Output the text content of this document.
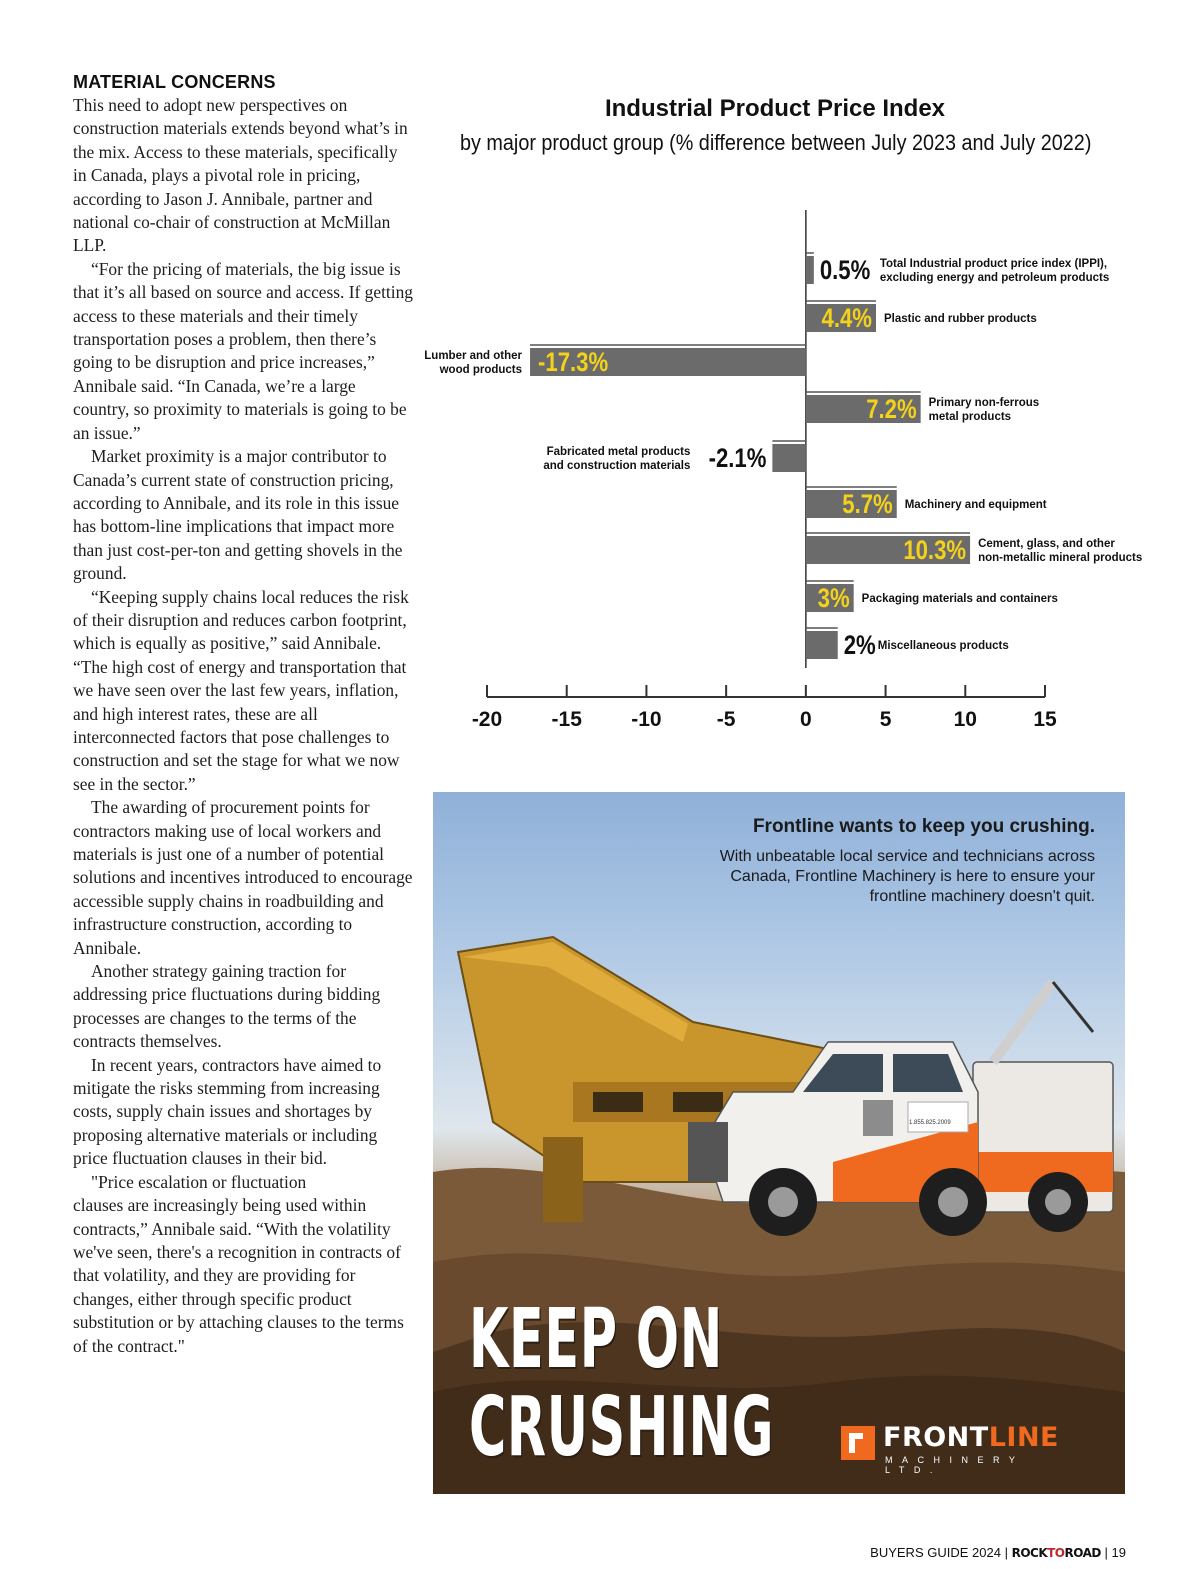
MATERIAL CONCERNS

This need to adopt new perspectives on construction materials extends beyond what’s in the mix. Access to these materials, specifically in Canada, plays a pivotal role in pricing, according to Jason J. Annibale, partner and national co-chair of construction at McMillan LLP.

“For the pricing of materials, the big issue is that it’s all based on source and access. If getting access to these materials and their timely transportation poses a problem, then there’s going to be disruption and price increases,” Annibale said. “In Canada, we’re a large country, so proximity to materials is going to be an issue.”

Market proximity is a major contributor to Canada’s current state of construction pricing, according to Annibale, and its role in this issue has bottom-line implications that impact more than just cost-per-ton and getting shovels in the ground.

“Keeping supply chains local reduces the risk of their disruption and reduces carbon footprint, which is equally as positive,” said Annibale. “The high cost of energy and transportation that we have seen over the last few years, inflation, and high interest rates, these are all interconnected factors that pose challenges to construction and set the stage for what we now see in the sector.”

The awarding of procurement points for contractors making use of local workers and materials is just one of a number of potential solutions and incentives introduced to encourage accessible supply chains in roadbuilding and infrastructure construction, according to Annibale.

Another strategy gaining traction for addressing price fluctuations during bidding processes are changes to the terms of the contracts themselves.

In recent years, contractors have aimed to mitigate the risks stemming from increasing costs, supply chain issues and shortages by proposing alternative materials or including price fluctuation clauses in their bid.

"Price escalation or fluctuation

clauses are increasingly being used within contracts,” Annibale said. “With the volatility we've seen, there's a recognition in contracts of that volatility, and they are providing for changes, either through specific product substitution or by attaching clauses to the terms of the contract."

Industrial Product Price Index
by major product group (% difference between July 2023 and July 2022)
0.5% Total Industrial product price index (IPPI),
excluding energy and petroleum products
4.4% Plastic and rubber products
-17.3%
Lumber and other
wood products
7.2% Primary non-ferrous
metal products
-2.1%
Fabricated metal products
and construction materials
5.7% Machinery and equipment
10.3% Cement, glass, and other
non-metallic mineral products
3% Packaging materials and containers
2% Miscellaneous products
-20 -15 -10	-5	0	5	10	15
Frontline wants to keep you crushing.
With unbeatable local service and technicians across Canada, Frontline Machinery is here to ensure your frontline machinery doesn't quit.
1.855.825.2009
KEEP ON
CRUSHING	FRONTLINE
MACHINERY LTD.
BUYERS GUIDE 2024 | ROCKTOROAD | 19
